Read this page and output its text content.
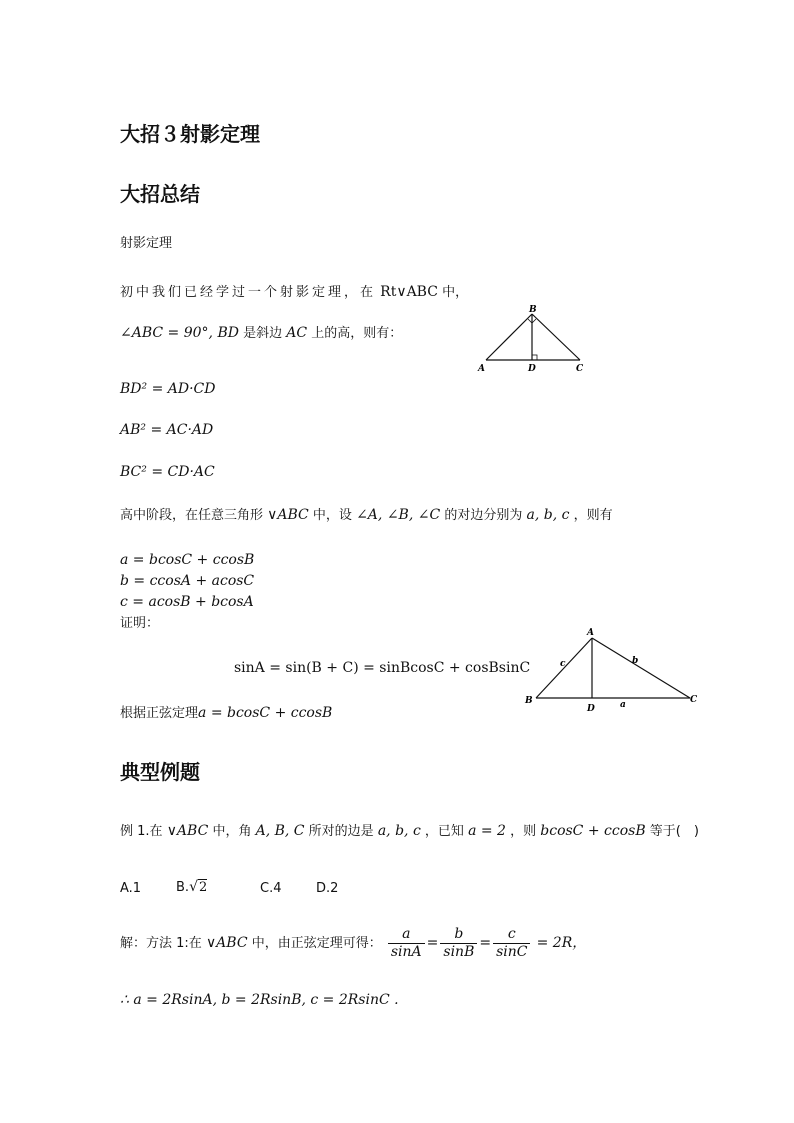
大招３射影定理
大招总结
射影定理
初中我们已经学过一个射影定理，在 Rt∨ABC 中，
∠ABC = 90°, BD 是斜边 AC 上的高，则有：
B
A	D	C
BD² = AD·CD
AB² = AC·AD
BC² = CD·AC
高中阶段，在任意三角形 ∨ABC 中，设 ∠A, ∠B, ∠C 的对边分别为 a, b, c ，则有
a = bcosC + ccosB
b = ccosA + acosC
c = acosB + bcosA
证明：
sinA = sin(B + C) = sinBcosC + cosBsinC
A
B	C
D	a
b
c
根据正弦定理a = bcosC + ccosB
典型例题
例 1.在 ∨ABC 中，角 A, B, C 所对的边是 a, b, c ，已知 a = 2 ，则 bcosC + ccosB 等于(　)
A.1	B.√2	C.4	D.2
解：方法 1:在 ∨ABC 中，由正弦定理可得： $\frac{a}{\sin A} = \frac{b}{\sin B} = \frac{c}{\sin C} = 2R$，
∴ a = 2RsinA, b = 2RsinB, c = 2RsinC .
